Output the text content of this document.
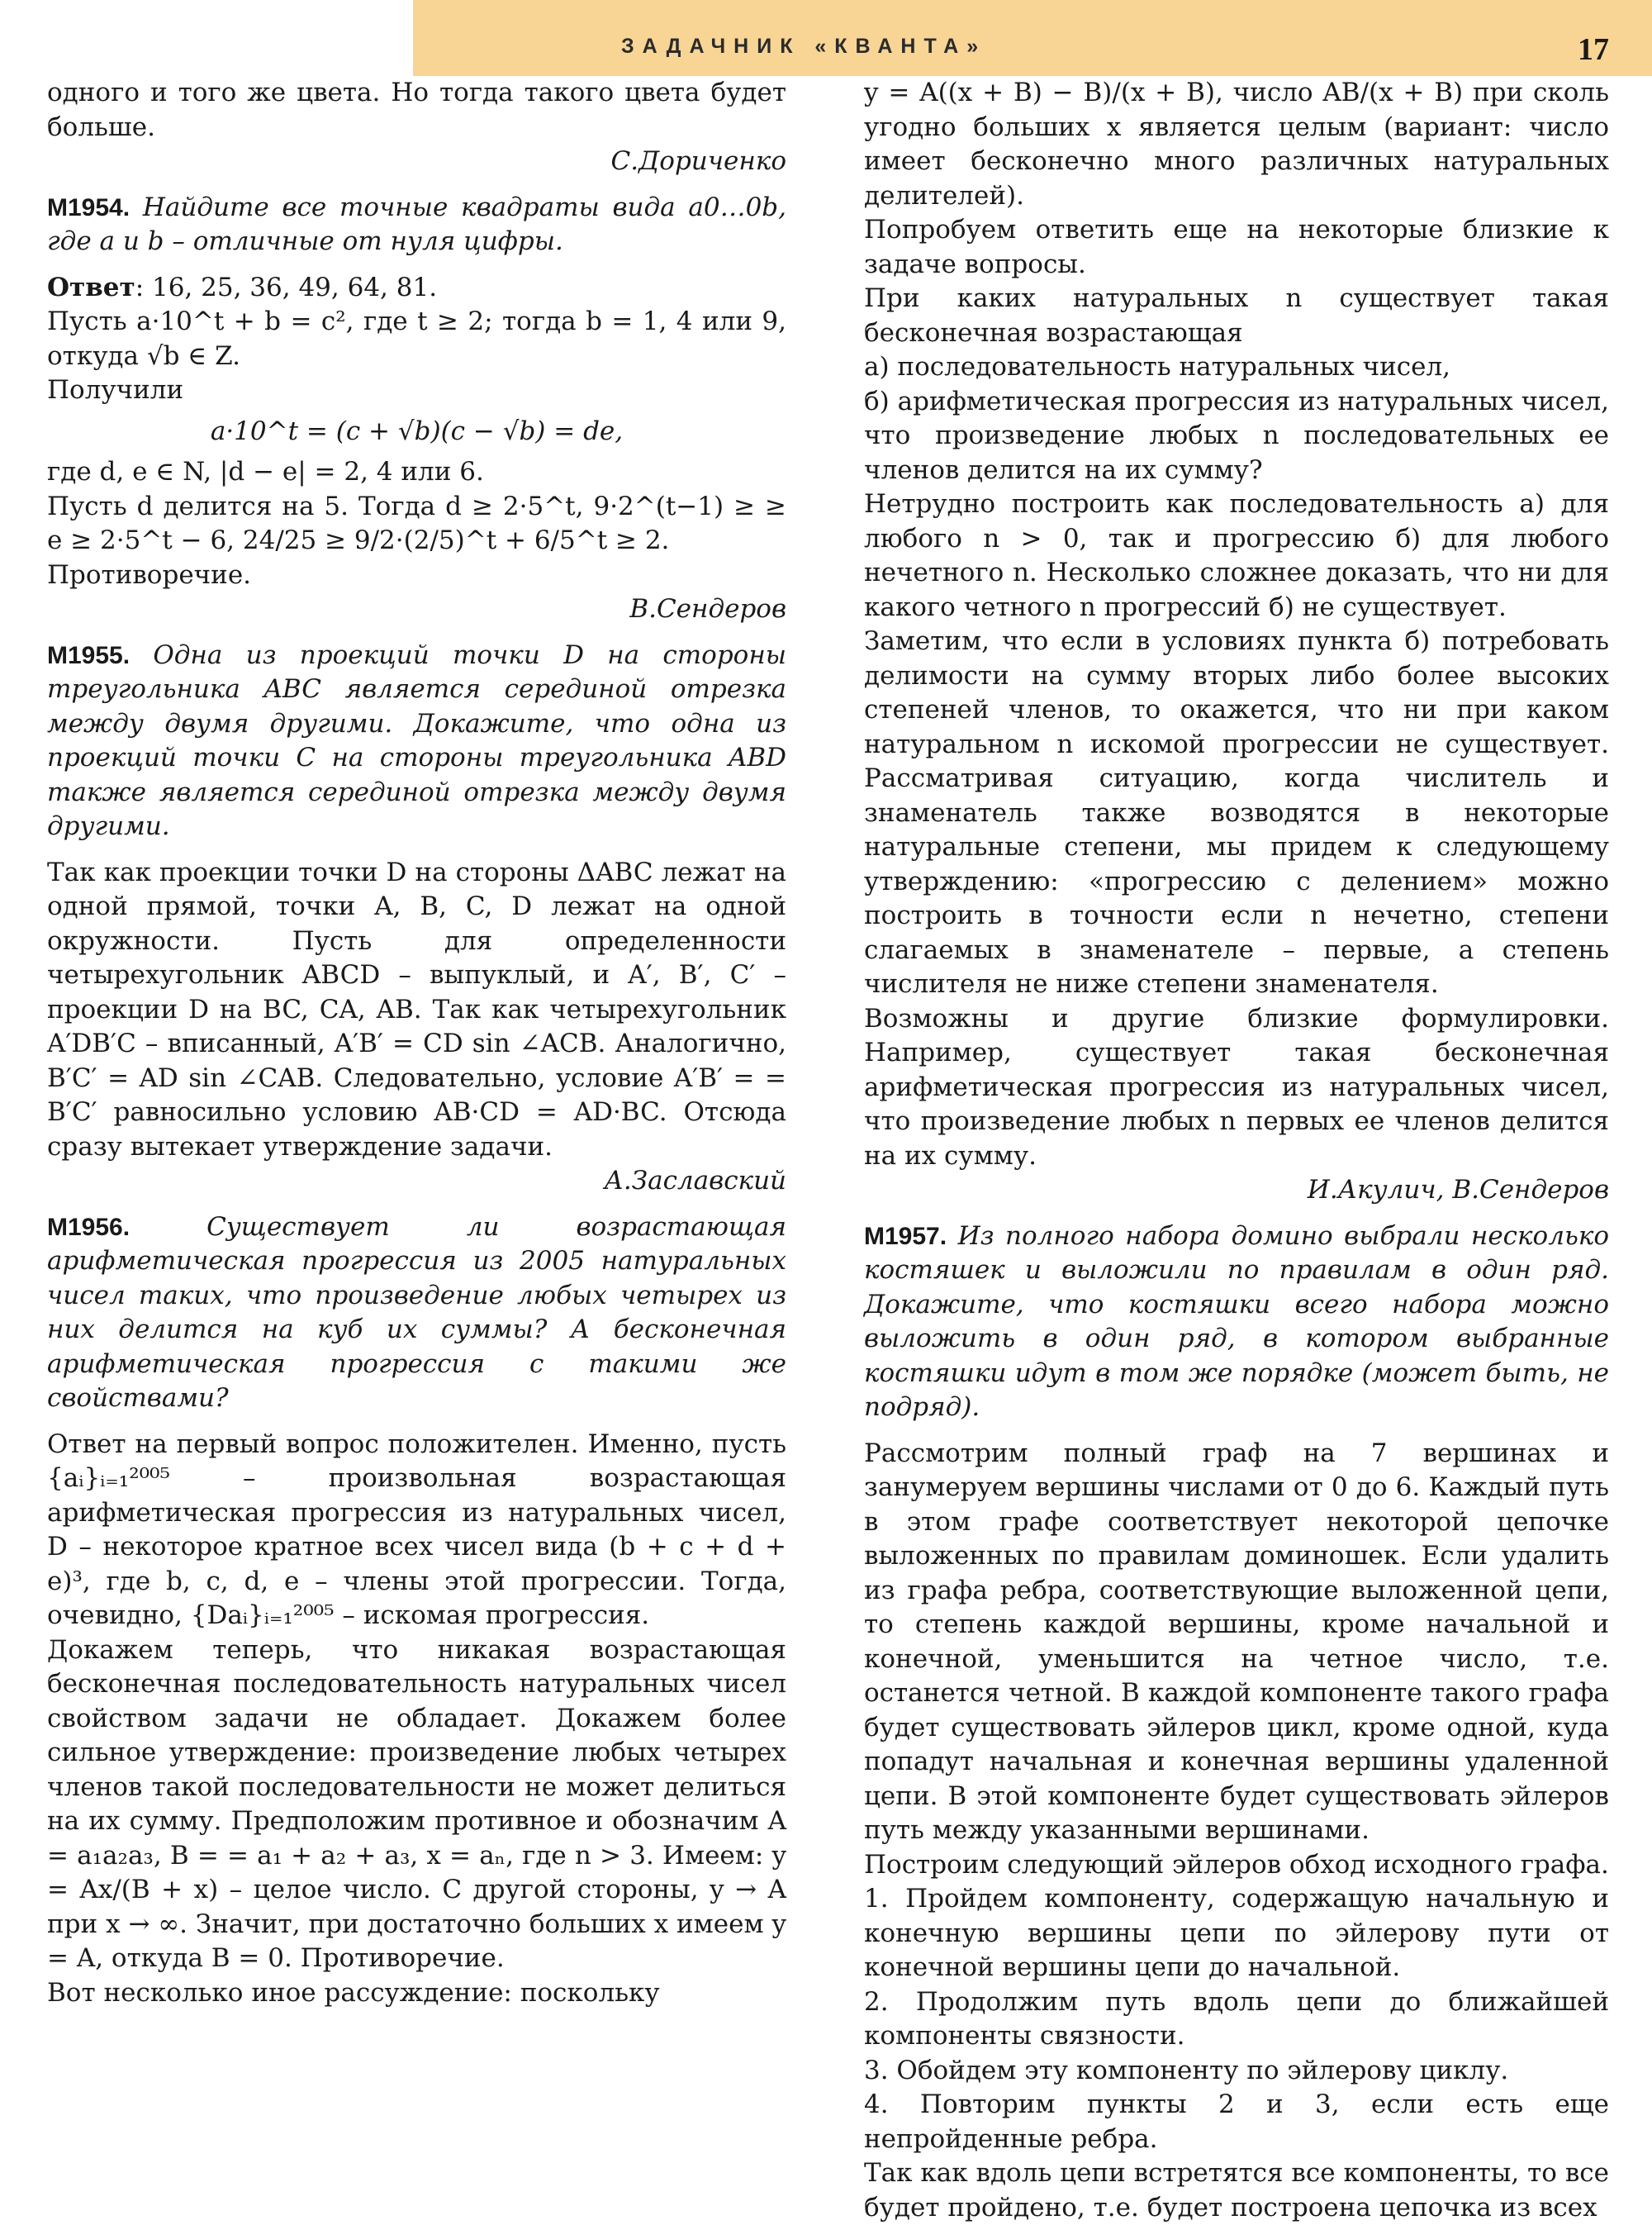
ЗАДАЧНИК «КВАНТА»	17

одного и того же цвета. Но тогда такого цвета будет больше.

С.Дориченко

М1954. Найдите все точные квадраты вида a0…0b, где a и b – отличные от нуля цифры.

Ответ: 16, 25, 36, 49, 64, 81.

Пусть a·10^t + b = c², где t ≥ 2; тогда b = 1, 4 или 9, откуда √b ∈ Z.

Получили

a·10^t = (c + √b)(c − √b) = de,

где d, e ∈ N, |d − e| = 2, 4 или 6.

Пусть d делится на 5. Тогда d ≥ 2·5^t, 9·2^(t−1) ≥ ≥ e ≥ 2·5^t − 6, 24/25 ≥ 9/2·(2/5)^t + 6/5^t ≥ 2.

Противоречие.

В.Сендеров

М1955. Одна из проекций точки D на стороны треугольника ABC является серединой отрезка между двумя другими. Докажите, что одна из проекций точки C на стороны треугольника ABD также является серединой отрезка между двумя другими.

Так как проекции точки D на стороны ΔABC лежат на одной прямой, точки A, B, C, D лежат на одной окружности. Пусть для определенности четырехугольник ABCD – выпуклый, и A′, B′, C′ – проекции D на BC, CA, AB. Так как четырехугольник A′DB′C – вписанный, A′B′ = CD sin ∠ACB. Аналогично, B′C′ = AD sin ∠CAB. Следовательно, условие A′B′ = = B′C′ равносильно условию AB·CD = AD·BC. Отсюда сразу вытекает утверждение задачи.

А.Заславский

М1956.	Существует ли возрастающая арифметическая прогрессия из 2005 натуральных чисел таких, что произведение любых четырех из них делится на куб их суммы? А бесконечная арифметическая прогрессия с такими же свойствами?

Ответ на первый вопрос положителен. Именно, пусть {aᵢ}ᵢ₌₁²⁰⁰⁵ – произвольная возрастающая арифметическая прогрессия из натуральных чисел, D – некоторое кратное всех чисел вида (b + c + d + e)³, где b, c, d, e – члены этой прогрессии. Тогда, очевидно, {Daᵢ}ᵢ₌₁²⁰⁰⁵ – искомая прогрессия.

Докажем теперь, что никакая возрастающая бесконечная последовательность натуральных чисел свойством задачи не обладает. Докажем более сильное утверждение: произведение любых четырех членов такой последовательности не может делиться на их сумму. Предположим противное и обозначим A = a₁a₂a₃, B = = a₁ + a₂ + a₃, x = aₙ, где n > 3. Имеем: y = Ax/(B + x) – целое число. С другой стороны, y → A при x → ∞. Значит, при достаточно больших x имеем y = A, откуда B = 0. Противоречие.

Вот несколько иное рассуждение: поскольку

y = A((x + B) − B)/(x + B), число AB/(x + B) при сколь угодно больших x является целым (вариант: число имеет бесконечно много различных натуральных делителей).

Попробуем ответить еще на некоторые близкие к задаче вопросы.

При каких натуральных n существует такая бесконечная возрастающая

а) последовательность натуральных чисел,

б) арифметическая прогрессия из натуральных чисел, что произведение любых n последовательных ее членов делится на их сумму?

Нетрудно построить как последовательность а) для любого n > 0, так и прогрессию б) для любого нечетного n. Несколько сложнее доказать, что ни для какого четного n прогрессий б) не существует.

Заметим, что если в условиях пункта б) потребовать делимости на сумму вторых либо более высоких степеней членов, то окажется, что ни при каком натуральном n искомой прогрессии не существует. Рассматривая ситуацию, когда числитель и знаменатель также возводятся в некоторые натуральные степени, мы придем к следующему утверждению: «прогрессию с делением» можно построить в точности если n нечетно, степени слагаемых в знаменателе – первые, а степень числителя не ниже степени знаменателя.

Возможны и другие близкие формулировки. Например, существует такая бесконечная арифметическая прогрессия из натуральных чисел, что произведение любых n первых ее членов делится на их сумму.

И.Акулич, В.Сендеров

М1957. Из полного набора домино выбрали несколько костяшек и выложили по правилам в один ряд. Докажите, что костяшки всего набора можно выложить в один ряд, в котором выбранные костяшки идут в том же порядке (может быть, не подряд).

Рассмотрим полный граф на 7 вершинах и занумеруем вершины числами от 0 до 6. Каждый путь в этом графе соответствует некоторой цепочке выложенных по правилам доминошек. Если удалить из графа ребра, соответствующие выложенной цепи, то степень каждой вершины, кроме начальной и конечной, уменьшится на четное число, т.е. останется четной. В каждой компоненте такого графа будет существовать эйлеров цикл, кроме одной, куда попадут начальная и конечная вершины удаленной цепи. В этой компоненте будет существовать эйлеров путь между указанными вершинами.

Построим следующий эйлеров обход исходного графа.

1. Пройдем компоненту, содержащую начальную и конечную вершины цепи по эйлерову пути от конечной вершины цепи до начальной.

2. Продолжим путь вдоль цепи до ближайшей компоненты связности.

3. Обойдем эту компоненту по эйлерову циклу.

4. Повторим пункты 2 и 3, если есть еще непройденные ребра.

Так как вдоль цепи встретятся все компоненты, то все будет пройдено, т.е. будет построена цепочка из всех
